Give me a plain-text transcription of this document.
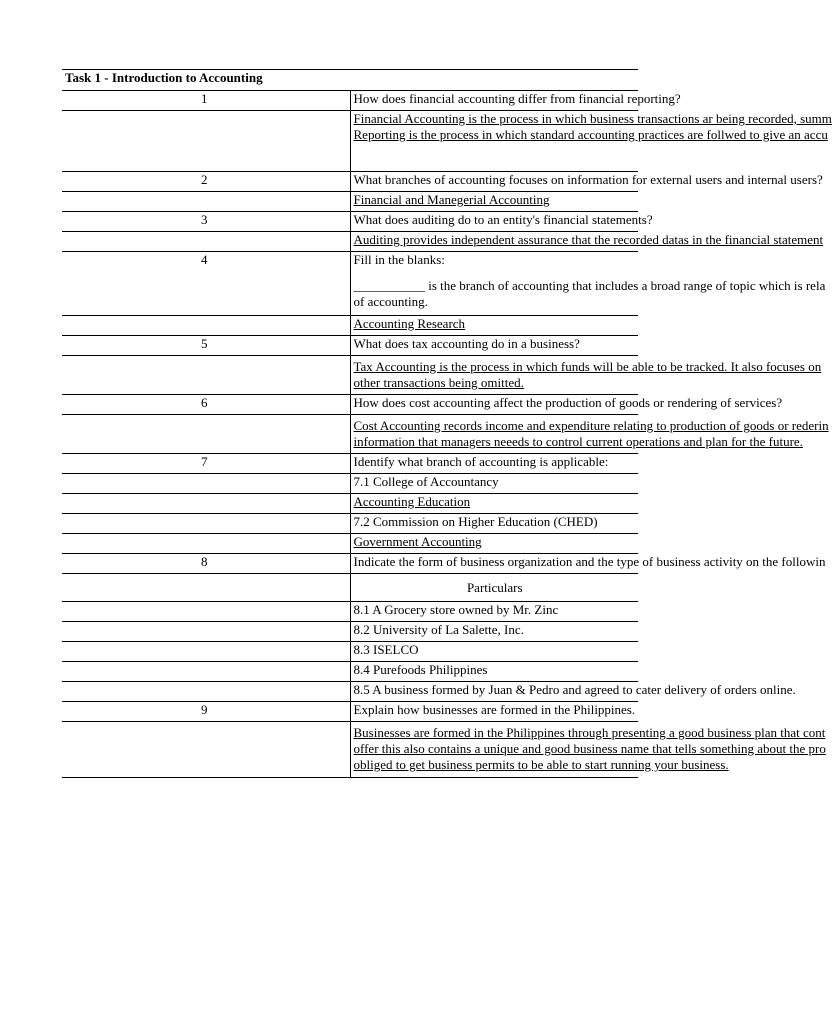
Task 1 - Introduction to Accounting	
1	How does financial accounting differ from financial reporting?

	Financial Accounting is the process in which business transactions ar being recorded, summ
Reporting is the process in which standard accounting practices are follwed to give an accu

2	What branches of accounting focuses on information for external users and internal users?
	Financial and Manegerial Accounting
3	What does auditing do to an entity's financial statements?
	Auditing provides independent assurance that the recorded datas in the financial statement
4	Fill in the blanks:
___________ is the branch of accounting that includes a broad range of topic which is rela
of accounting.

	Accounting Research
5	What does tax accounting do in a business?

	Tax Accounting is the process in which funds will be able to be tracked. It also focuses on
other transactions being omitted.

6	How does cost accounting affect the production of goods or rendering of services?

	Cost Accounting records income and expenditure relating to production of goods or rederin
information that managers neeeds to control current operations and plan for the future.

7	Identify what branch of accounting is applicable:
	7.1 College of Accountancy
	Accounting Education
	7.2 Commission on Higher Education (CHED)
	Government Accounting
8	Indicate the form of business organization and the type of business activity on the followin
	Particulars
	8.1 A Grocery store owned by Mr. Zinc
	8.2 University of La Salette, Inc.
	8.3 ISELCO
	8.4 Purefoods Philippines
	8.5 A business formed by Juan & Pedro and agreed to cater delivery of orders online.
9	Explain how businesses are formed in the Philippines.

	Businesses are formed in the Philippines through presenting a good business plan that cont
offer this also contains a unique and good business name that tells something about the pro
obliged to get business permits to be able to start running your business.
